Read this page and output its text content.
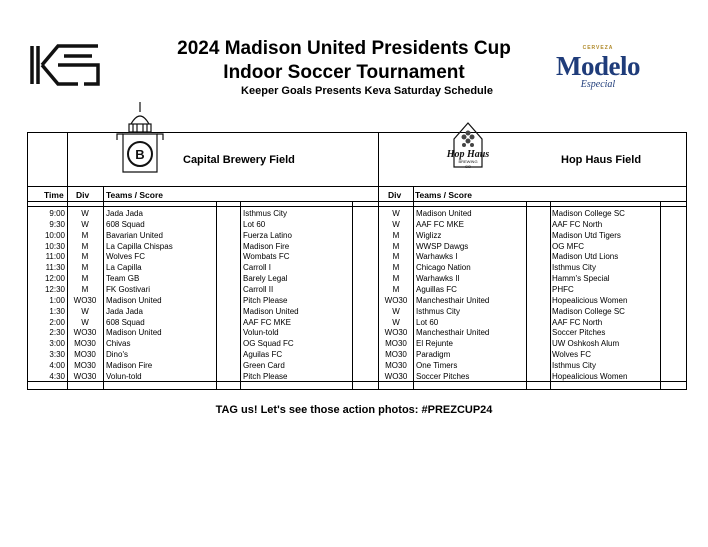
2024 Madison United Presidents Cup
Indoor Soccer Tournament
Keeper Goals Presents Keva Saturday Schedule
CERVEZA
Modelo
Especial
B	Hop Haus
BREWING
CO
Capital Brewery Field	Hop Haus Field
Time Div Teams / Score	Div Teams / Score
9:00	W	Jada Jada	Isthmus City	W	Madison United	Madison College SC
9:30	W	608 Squad	Lot 60	W	AAF FC MKE	AAF FC North
10:00	M	Bavarian United	Fuerza Latino	M	Wiglizz	Madison Utd Tigers
10:30	M	La Capilla Chispas	Madison Fire	M	WWSP Dawgs	OG MFC
11:00	M	Wolves FC	Wombats FC	M	Warhawks I	Madison Utd Lions
11:30	M	La Capilla	Carroll I	M	Chicago Nation	Isthmus City
12:00	M	Team GB	Barely Legal	M	Warhawks II	Hamm's Special
12:30	M	FK Gostivari	Carroll II	M	Aguillas FC	PHFC
1:00	WO30	Madison United	Pitch Please	WO30	Manchesthair United	Hopealicious Women
1:30	W	Jada Jada	Madison United	W	Isthmus City	Madison College SC
2:00	W	608 Squad	AAF FC MKE	W	Lot 60	AAF FC North
2:30	WO30	Madison United	Volun-told	WO30	Manchesthair United	Soccer Pitches
3:00	MO30	Chivas	OG Squad FC	MO30	El Rejunte	UW Oshkosh Alum
3:30	MO30	Dino's	Aguilas FC	MO30	Paradigm	Wolves FC
4:00	MO30	Madison Fire	Green Card	MO30	One Timers	Isthmus City
4:30	WO30	Volun-told	Pitch Please	WO30	Soccer Pitches	Hopealicious Women
TAG us! Let's see those action photos: #PREZCUP24
